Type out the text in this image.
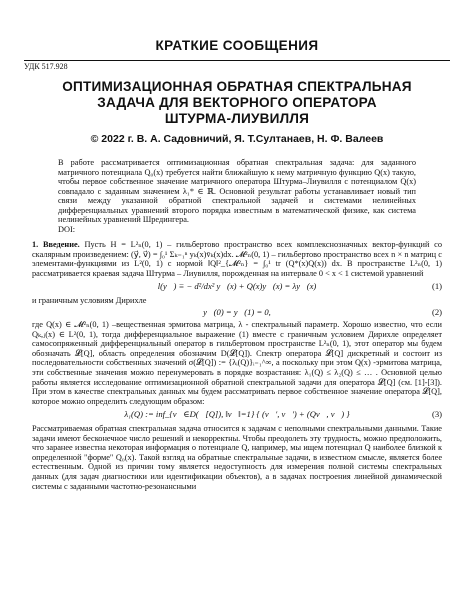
КРАТКИЕ СООБЩЕНИЯ
УДК 517.928
ОПТИМИЗАЦИОННАЯ ОБРАТНАЯ СПЕКТРАЛЬНАЯ
ЗАДАЧА ДЛЯ ВЕКТОРНОГО ОПЕРАТОРА
ШТУРМА-ЛИУВИЛЛЯ
© 2022 г. В. А. Садовничий, Я. Т.Султанаев, Н. Ф. Валеев
В работе рассматривается оптимизационная обратная спектральная задача: для заданного матричного потенциала Q₀(x) требуется найти ближайшую к нему матричную функцию Q(x) такую, чтобы первое собственное значение матричного оператора Штурма–Лиувилля с потенциалом Q(x) совпадало с заданным значением λ₁* ∈ ℝ. Основной результат работы устанавливает новый тип связи между указанной обратной спектральной задачей и системами нелинейных дифференциальных уравнений второго порядка известным в математической физике, как система нелинейных уравнений Шредингера.
DOI:
1. Введение. Пусть H = L²ₙ(0, 1) – гильбертово пространство всех комплекснозначных вектор-функций со скалярным произведением: (y⃗, v⃗) = ∫₀¹ Σₖ₌₁ⁿ yₖ(x)v̄ₖ(x)dx. 𝓜²ₙ(0, 1) – гильбертово пространство всех n × n матриц с элементами-функциями из L²(0, 1) с нормой ‖Q‖²_{𝓜²ₙ} = ∫₀¹ tr (Q*(x)Q(x)) dx. В пространстве L²ₙ(0, 1) рассматривается краевая задача Штурма – Лиувилля, порожденная на интервале 0 < x < 1 системой уравнений
l(y⃗) ≡ − d²/dx² y⃗(x) + Q(x)y⃗(x) = λy⃗(x)	(1)
и граничным условиям Дирихле
y⃗(0) = y⃗(1) = 0,	(2)
где Q(x) ∈ 𝓜²ₙ(0, 1) –вещественная эрмитова матрица, λ - спектральный параметр. Хорошо известно, что если Qₖ,ⱼ(x) ∈ L²(0, 1), тогда дифференциальное выражение (1) вместе с граничным условием Дирихле определяет самосопряженный дифференциальный оператор в гильбертовом пространстве L²ₙ(0, 1), этот оператор мы будем обозначать 𝓛[Q], область определения обозначим D(𝓛[Q]). Спектр оператора 𝓛[Q] дискретный и состоит из последовательности собственных значений σ(𝓛[Q]) := {λᵢ(Q)}ᵢ₌₁^∞, а поскольку при этом Q(x) -эрмитова матрица, эти собственные значения можно перенумеровать в порядке возрастания: λ₁(Q) ≤ λ₂(Q) ≤ … . Основной целью работы является исследование оптимизационной обратной спектральной задачи для оператора 𝓛[Q] (см. [1]-[3]). При этом в качестве спектральных данных мы будем рассматривать первое собственное значение оператора 𝓛[Q], которое можно определить следующим образом:
λ₁(Q) := inf_{v⃗∈D(𝓛[Q]), ‖v⃗‖=1} { (v⃗′, v⃗′) + (Qv⃗, v⃗) }	(3)
Рассматриваемая обратная спектральная задача относится к задачам с неполными спектральными данными. Такие задачи имеют бесконечное число решений и некорректны. Чтобы преодолеть эту трудность, можно предположить, что заранее известна некоторая информация о потенциале Q, например, мы ищем потенциал Q наиболее близкой к определенной "форме" Q₀(x). Такой взгляд на обратные спектральные задачи, в известном смысле, является более естественным. Одной из причин тому является недоступность для измерения полной системы спектральных данных (для задач диагностики или идентификации объектов), а в задачах построения линейной динамической системы с заданными частотно-резонансными
